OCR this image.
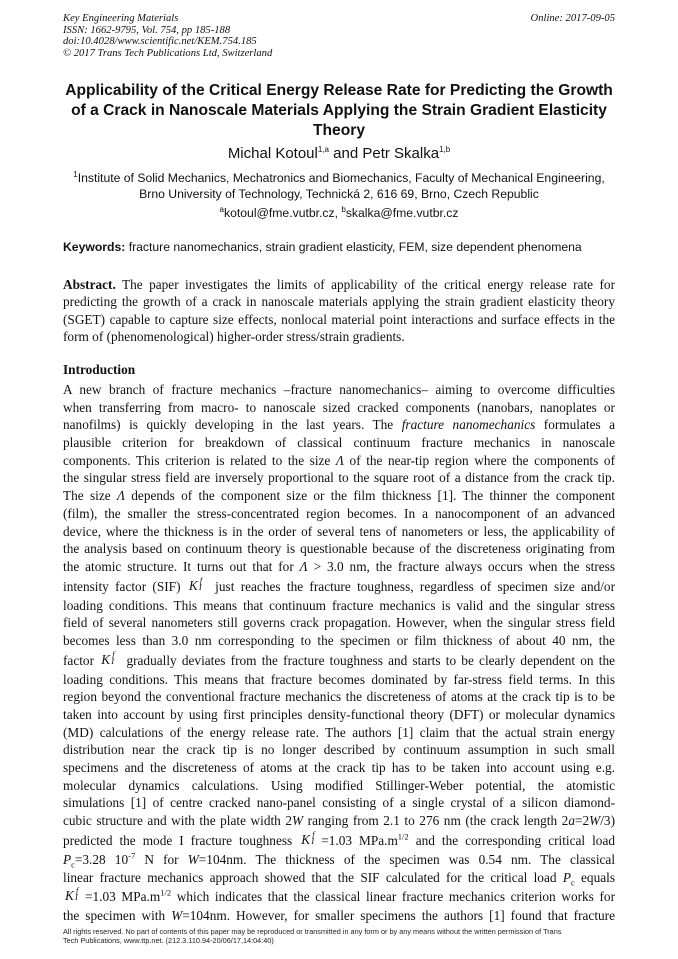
Key Engineering Materials
ISSN: 1662-9795, Vol. 754, pp 185-188
doi:10.4028/www.scientific.net/KEM.754.185
© 2017 Trans Tech Publications Ltd, Switzerland
Online: 2017-09-05
Applicability of the Critical Energy Release Rate for Predicting the Growth of a Crack in Nanoscale Materials Applying the Strain Gradient Elasticity Theory
Michal Kotoul$^{1,a}$ and Petr Skalka$^{1,b}$
$^1$Institute of Solid Mechanics, Mechatronics and Biomechanics, Faculty of Mechanical Engineering,
Brno University of Technology, Technická 2, 616 69, Brno, Czech Republic
$^a$kotoul@fme.vutbr.cz, $^b$skalka@fme.vutbr.cz
Keywords: fracture nanomechanics, strain gradient elasticity, FEM, size dependent phenomena
Abstract. The paper investigates the limits of applicability of the critical energy release rate for predicting the growth of a crack in nanoscale materials applying the strain gradient elasticity theory (SGET) capable to capture size effects, nonlocal material point interactions and surface effects in the form of (phenomenological) higher-order stress/strain gradients.
Introduction
A new branch of fracture mechanics –fracture nanomechanics– aiming to overcome difficulties
when transferring from macro- to nanoscale sized cracked components (nanobars, nanoplates or
nanofilms) is quickly developing in the last years. The fracture nanomechanics formulates a
plausible criterion for breakdown of classical continuum fracture mechanics in nanoscale
components. This criterion is related to the size Λ of the near-tip region where the components of
the singular stress field are inversely proportional to the square root of a distance from the crack tip.
The size Λ depends of the component size or the film thickness [1]. The thinner the component
(film), the smaller the stress-concentrated region becomes. In a nanocomponent of an advanced
device, where the thickness is in the order of several tens of nanometers or less, the applicability of
the analysis based on continuum theory is questionable because of the discreteness originating from
the atomic structure. It turns out that for Λ > 3.0 nm, the fracture always occurs when the stress
intensity factor (SIF) K f
I just reaches the fracture toughness, regardless of specimen size and/or
loading conditions. This means that continuum fracture mechanics is valid and the singular stress
field of several nanometers still governs crack propagation. However, when the singular stress field
becomes less than 3.0 nm corresponding to the specimen or film thickness of about 40 nm, the
factor K f
I gradually deviates from the fracture toughness and starts to be clearly dependent on the
loading conditions. This means that fracture becomes dominated by far-stress field terms. In this
region beyond the conventional fracture mechanics the discreteness of atoms at the crack tip is to be
taken into account by using first principles density-functional theory (DFT) or molecular dynamics
(MD) calculations of the energy release rate. The authors [1] claim that the actual strain energy
distribution near the crack tip is no longer described by continuum assumption in such small
specimens and the discreteness of atoms at the crack tip has to be taken into account using e.g.
molecular dynamics calculations. Using modified Stillinger-Weber potential, the atomistic
simulations [1] of centre cracked nano-panel consisting of a single crystal of a silicon diamond-
cubic structure and with the plate width 2W ranging from 2.1 to 276 nm (the crack length 2a=2W/3)
predicted the mode I fracture toughness K f
I =1.03 $MPa.m^{1/2}$ and the corresponding critical load
$P_c=3.28$ $10^{-7}$ N for W=104nm. The thickness of the specimen was 0.54 nm. The classical
linear fracture mechanics approach showed that the SIF calculated for the critical load $P_c$ equals
K f
I =1.03 $MPa.m^{1/2}$ which indicates that the classical linear fracture mechanics criterion works for
the specimen with W=104nm. However, for smaller specimens the authors [1] found that fracture
All rights reserved. No part of contents of this paper may be reproduced or transmitted in any form or by any means without the written permission of Trans
Tech Publications, www.ttp.net. (212.3.110.94-20/06/17,14:04:40)
